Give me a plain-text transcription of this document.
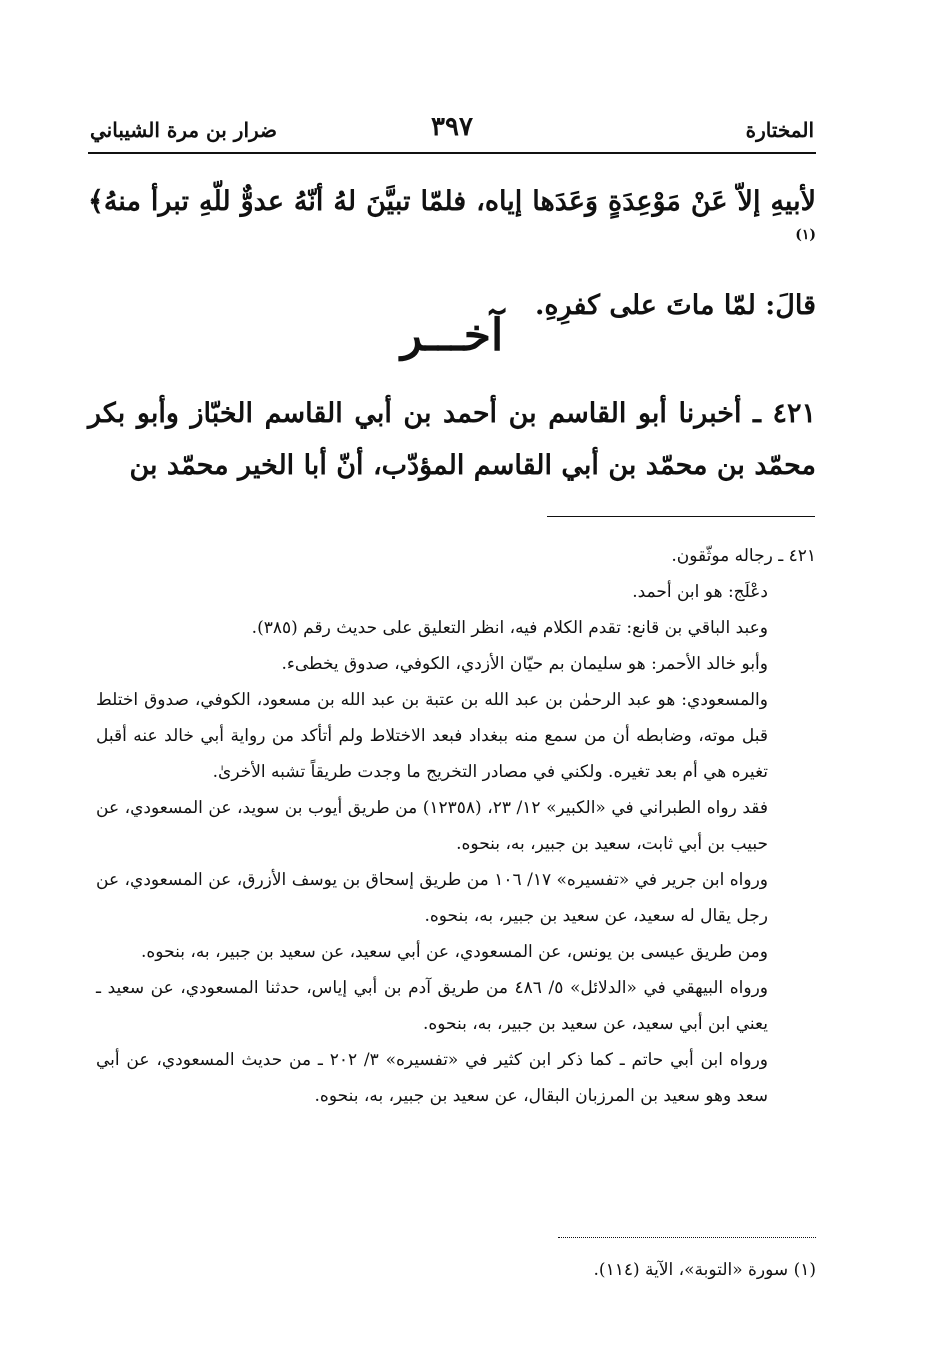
المختارة
٣٩٧
ضرار بن مرة الشيباني

لأبيهِ إلاّ عَنْ مَوْعِدَةٍ وَعَدَها إياه، فلمّا تبيَّنَ لهُ أنّهُ عدوٌّ للّهِ تبرأ منهُ﴾$^{(١)}$

قالَ: لمّا ماتَ على كفرِهِ.

آخـــر

٤٢١ ـ أخبرنا أبو القاسم بن أحمد بن أبي القاسم الخبّاز وأبو بكر محمّد بن محمّد بن أبي القاسم المؤدّب، أنّ أبا الخير محمّد بن

٤٢١ ـ رجاله موثّقون.

دعْلَج: هو ابن أحمد.

وعبد الباقي بن قانع: تقدم الكلام فيه، انظر التعليق على حديث رقم (٣٨٥).

وأبو خالد الأحمر: هو سليمان بم حيّان الأزدي، الكوفي، صدوق يخطىء.

والمسعودي: هو عبد الرحمٰن بن عبد الله بن عتبة بن عبد الله بن مسعود، الكوفي، صدوق اختلط قبل موته، وضابطه أن من سمع منه ببغداد فبعد الاختلاط ولم أتأكد من رواية أبي خالد عنه أقبل تغيره هي أم بعد تغيره. ولكني في مصادر التخريج ما وجدت طريقاً تشبه الأخرىٰ.

فقد رواه الطبراني في «الكبير» ١٢/ ٢٣، (١٢٣٥٨) من طريق أيوب بن سويد، عن المسعودي، عن حبيب بن أبي ثابت، سعيد بن جبير، به، بنحوه.

ورواه ابن جرير في «تفسيره» ١٧/ ١٠٦ من طريق إسحاق بن يوسف الأزرق، عن المسعودي، عن رجل يقال له سعيد، عن سعيد بن جبير، به، بنحوه.

ومن طريق عيسى بن يونس، عن المسعودي، عن أبي سعيد، عن سعيد بن جبير، به، بنحوه.

ورواه البيهقي في «الدلائل» ٥/ ٤٨٦ من طريق آدم بن أبي إياس، حدثنا المسعودي، عن سعيد ـ يعني ابن أبي سعيد، عن سعيد بن جبير، به، بنحوه.

ورواه ابن أبي حاتم ـ كما ذكر ابن كثير في «تفسيره» ٣/ ٢٠٢ ـ من حديث المسعودي، عن أبي سعد وهو سعيد بن المرزبان البقال، عن سعيد بن جبير، به، بنحوه.

(١) سورة «التوبة»، الآية (١١٤).
